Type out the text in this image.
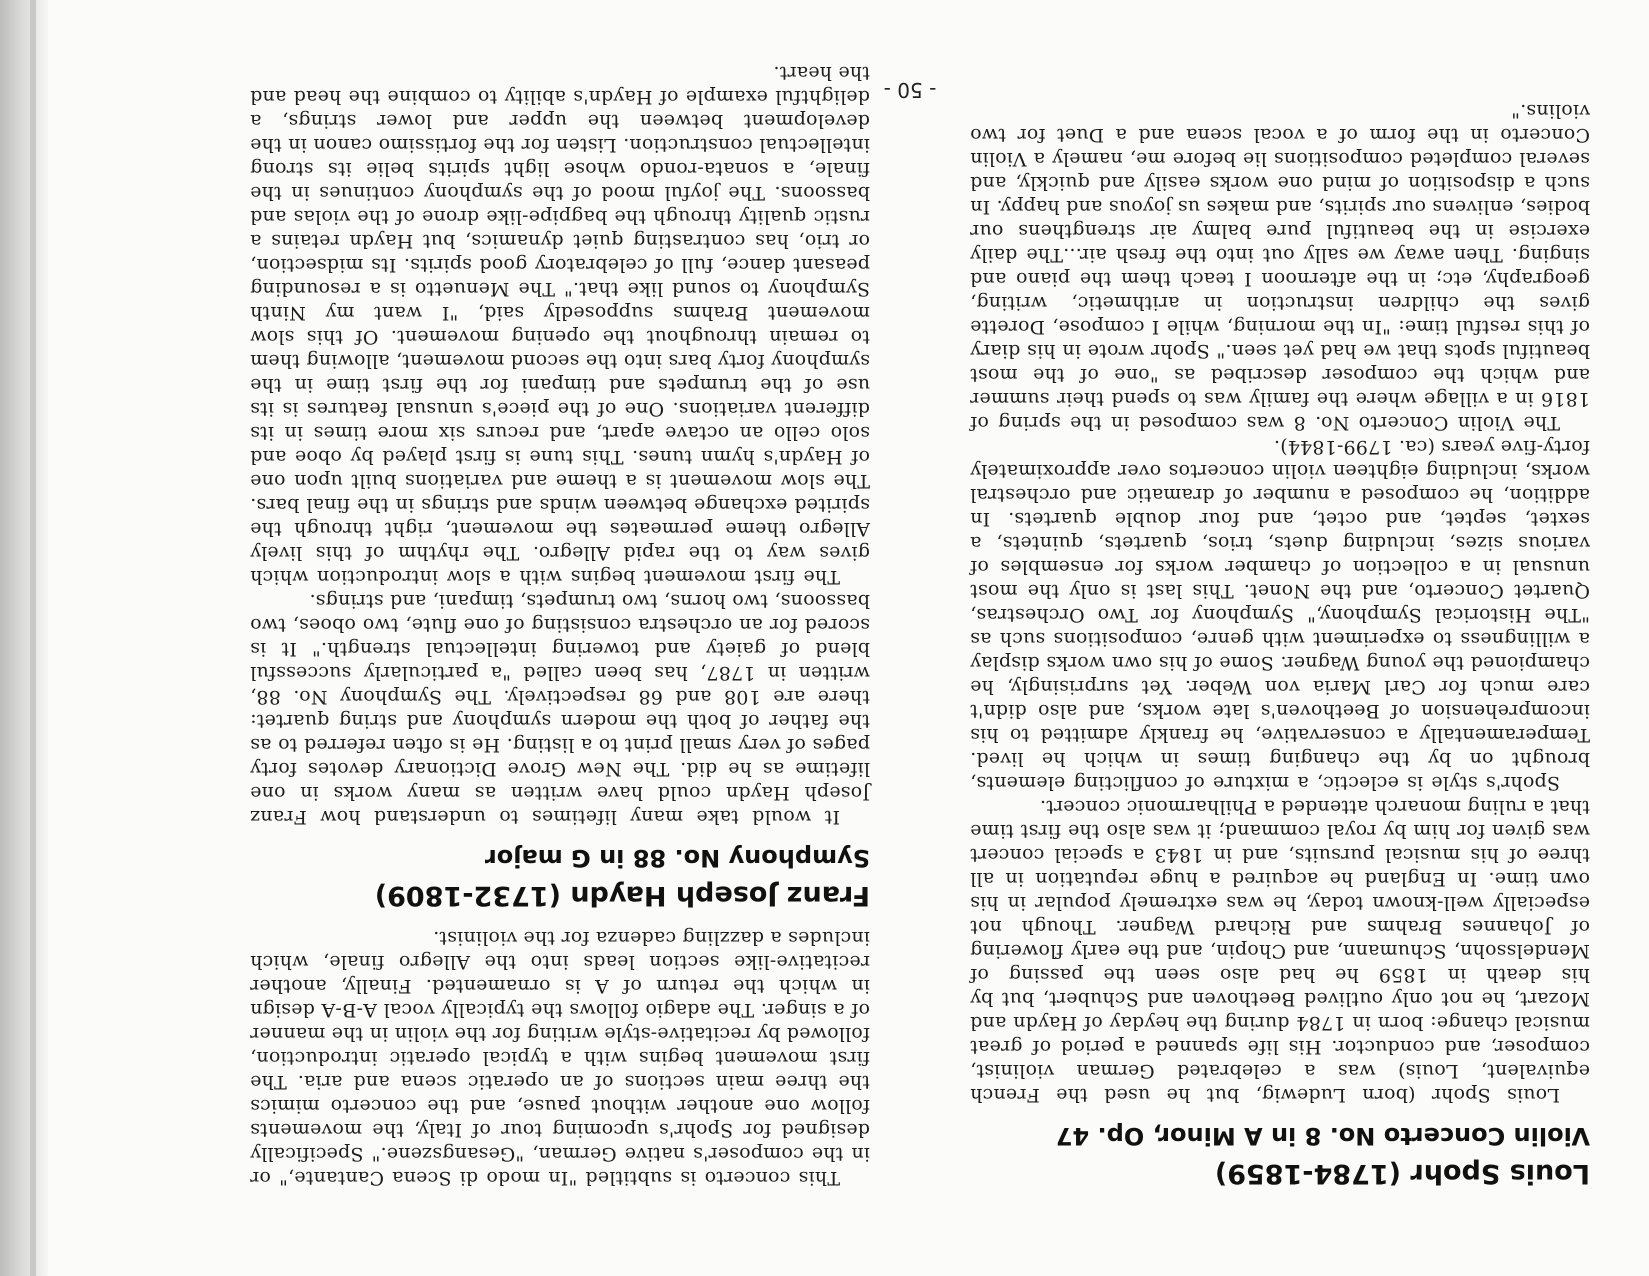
Louis Spohr (1784-1859)
Violin Concerto No. 8 in A Minor, Op. 47

Louis Spohr (born Ludewig, but he used the French equivalent, Louis) was a celebrated German violinist, composer, and conductor. His life spanned a period of great musical change: born in 1784 during the heyday of Haydn and Mozart, he not only outlived Beethoven and Schubert, but by his death in 1859 he had also seen the passing of Mendelssohn, Schumann, and Chopin, and the early flowering of Johannes Brahms and Richard Wagner. Though not especially well-known today, he was extremely popular in his own time. In England he acquired a huge reputation in all three of his musical pursuits, and in 1843 a special concert was given for him by royal command; it was also the first time that a ruling monarch attended a Philharmonic concert.

Spohr's style is eclectic, a mixture of conflicting elements, brought on by the changing times in which he lived. Temperamentally a conservative, he frankly admitted to his incomprehension of Beethoven's late works, and also didn't care much for Carl Maria von Weber. Yet surprisingly, he championed the young Wagner. Some of his own works display a willingness to experiment with genre, compositions such as "The Historical Symphony," Symphony for Two Orchestras, Quartet Concerto, and the Nonet. This last is only the most unusual in a collection of chamber works for ensembles of various sizes, including duets, trios, quartets, quintets, a sextet, septet, and octet, and four double quartets. In addition, he composed a number of dramatic and orchestral works, including eighteen violin concertos over approximately forty-five years (ca. 1799-1844).

The Violin Concerto No. 8 was composed in the spring of 1816 in a village where the family was to spend their summer and which the composer described as "one of the most beautiful spots that we had yet seen." Spohr wrote in his diary of this restful time: "In the morning, while I compose, Dorette gives the children instruction in arithmetic, writing, geography, etc; in the afternoon I teach them the piano and singing. Then away we sally out into the fresh air...The daily exercise in the beautiful pure balmy air strengthens our bodies, enlivens our spirits, and makes us joyous and happy. In such a disposition of mind one works easily and quickly, and several completed compositions lie before me, namely a Violin Concerto in the form of a vocal scena and a Duet for two violins."

This concerto is subtitled "In modo di Scena Cantante," or in the composer's native German, "Gesangszene." Specifically designed for Spohr's upcoming tour of Italy, the movements follow one another without pause, and the concerto mimics the three main sections of an operatic scena and aria. The first movement begins with a typical operatic introduction, followed by recitative-style writing for the violin in the manner of a singer. The adagio follows the typically vocal A-B-A design in which the return of A is ornamented. Finally, another recitative-like section leads into the Allegro finale, which includes a dazzling cadenza for the violinist.

Franz Joseph Haydn (1732-1809)
Symphony No. 88 in G major

It would take many lifetimes to understand how Franz Joseph Haydn could have written as many works in one lifetime as he did. The New Grove Dictionary devotes forty pages of very small print to a listing. He is often referred to as the father of both the modern symphony and string quartet: there are 108 and 68 respectively. The Symphony No. 88, written in 1787, has been called "a particularly successful blend of gaiety and towering intellectual strength." It is scored for an orchestra consisting of one flute, two oboes, two bassoons, two horns, two trumpets, timpani, and strings.

The first movement begins with a slow introduction which gives way to the rapid Allegro. The rhythm of this lively Allegro theme permeates the movement, right through the spirited exchange between winds and strings in the final bars. The slow movement is a theme and variations built upon one of Haydn's hymn tunes. This tune is first played by oboe and solo cello an octave apart, and recurs six more times in its different variations. One of the piece's unusual features is its use of the trumpets and timpani for the first time in the symphony forty bars into the second movement, allowing them to remain throughout the opening movement. Of this slow movement Brahms supposedly said, "I want my Ninth Symphony to sound like that." The Menuetto is a resounding peasant dance, full of celebratory good spirits. Its midsection, or trio, has contrasting quiet dynamics, but Haydn retains a rustic quality through the bagpipe-like drone of the violas and bassoons. The joyful mood of the symphony continues in the finale, a sonata-rondo whose light spirits belie its strong intellectual construction. Listen for the fortissimo canon in the development between the upper and lower strings, a delightful example of Haydn's ability to combine the head and the heart.

- 50 -
